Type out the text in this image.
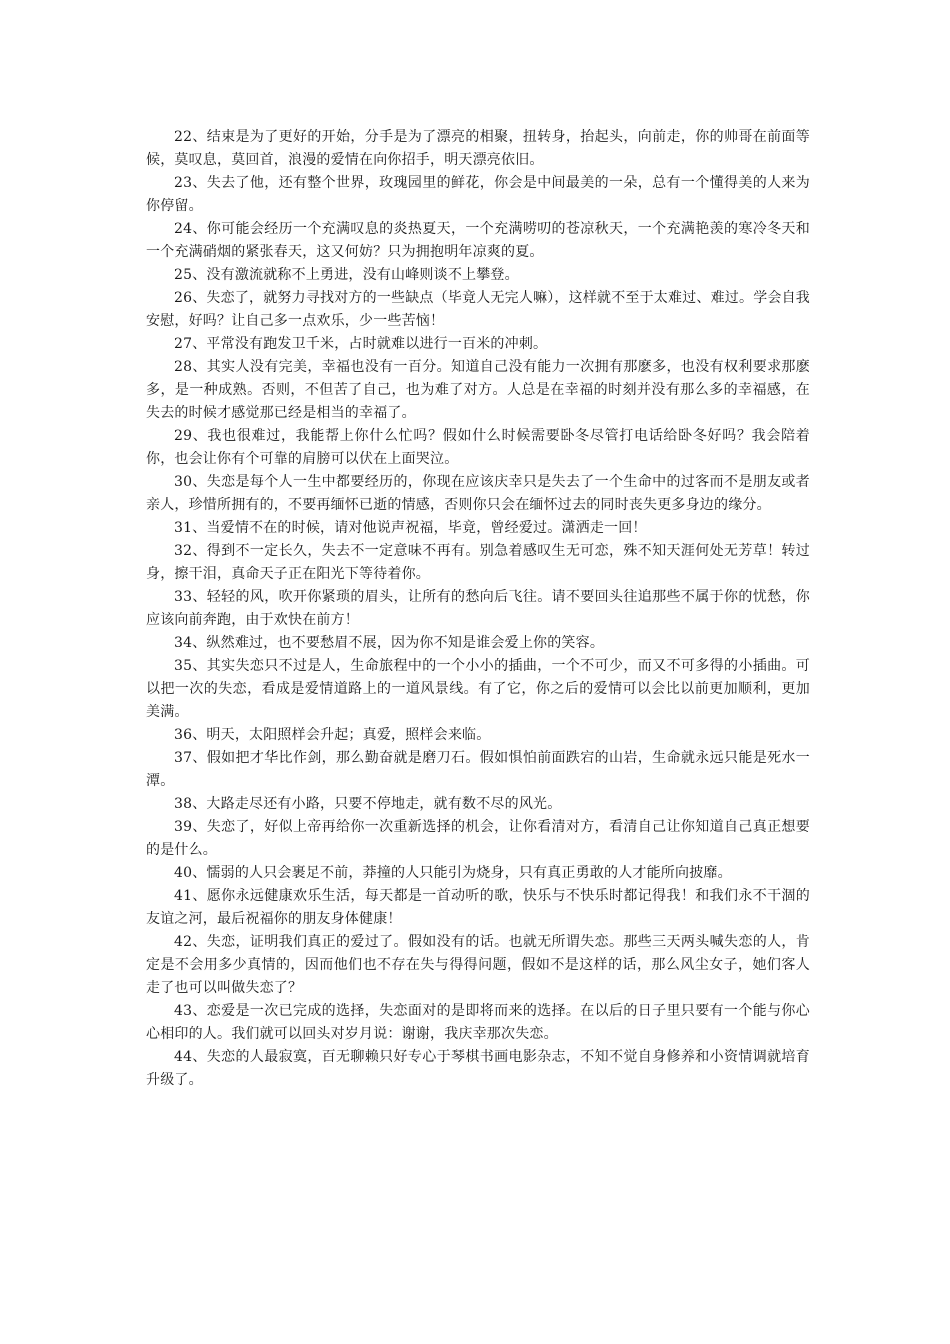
22、结束是为了更好的开始，分手是为了漂亮的相聚，扭转身，抬起头，向前走，你的帅哥在前面等候，莫叹息，莫回首，浪漫的爱情在向你招手，明天漂亮依旧。

23、失去了他，还有整个世界，玫瑰园里的鲜花，你会是中间最美的一朵，总有一个懂得美的人来为你停留。

24、你可能会经历一个充满叹息的炎热夏天，一个充满唠叨的苍凉秋天，一个充满艳羡的寒冷冬天和一个充满硝烟的紧张春天，这又何妨？只为拥抱明年凉爽的夏。

25、没有激流就称不上勇进，没有山峰则谈不上攀登。

26、失恋了，就努力寻找对方的一些缺点（毕竟人无完人嘛），这样就不至于太难过、难过。学会自我安慰，好吗？让自己多一点欢乐，少一些苦恼！

27、平常没有跑发卫千米，占时就难以进行一百米的冲刺。

28、其实人没有完美，幸福也没有一百分。知道自己没有能力一次拥有那麽多，也没有权利要求那麽多，是一种成熟。否则，不但苦了自己，也为难了对方。人总是在幸福的时刻并没有那么多的幸福感，在失去的时候才感觉那已经是相当的幸福了。

29、我也很难过，我能帮上你什么忙吗？假如什么时候需要卧冬尽管打电话给卧冬好吗？我会陪着你，也会让你有个可靠的肩膀可以伏在上面哭泣。

30、失恋是每个人一生中都要经历的，你现在应该庆幸只是失去了一个生命中的过客而不是朋友或者亲人，珍惜所拥有的，不要再缅怀已逝的情感，否则你只会在缅怀过去的同时丧失更多身边的缘分。

31、当爱情不在的时候，请对他说声祝福，毕竟，曾经爱过。潇洒走一回！

32、得到不一定长久，失去不一定意味不再有。别急着感叹生无可恋，殊不知天涯何处无芳草！转过身，擦干泪，真命天子正在阳光下等待着你。

33、轻轻的风，吹开你紧琐的眉头，让所有的愁向后飞往。请不要回头往追那些不属于你的忧愁，你应该向前奔跑，由于欢快在前方！

34、纵然难过，也不要愁眉不展，因为你不知是谁会爱上你的笑容。

35、其实失恋只不过是人，生命旅程中的一个小小的插曲，一个不可少，而又不可多得的小插曲。可以把一次的失恋，看成是爱情道路上的一道风景线。有了它，你之后的爱情可以会比以前更加顺利，更加美满。

36、明天，太阳照样会升起；真爱，照样会来临。

37、假如把才华比作剑，那么勤奋就是磨刀石。假如惧怕前面跌宕的山岩，生命就永远只能是死水一潭。

38、大路走尽还有小路，只要不停地走，就有数不尽的风光。

39、失恋了，好似上帝再给你一次重新选择的机会，让你看清对方，看清自己让你知道自己真正想要的是什么。

40、懦弱的人只会裹足不前，莽撞的人只能引为烧身，只有真正勇敢的人才能所向披靡。

41、愿你永远健康欢乐生活，每天都是一首动听的歌，快乐与不快乐时都记得我！和我们永不干涸的友谊之河，最后祝福你的朋友身体健康！

42、失恋，证明我们真正的爱过了。假如没有的话。也就无所谓失恋。那些三天两头喊失恋的人，肯定是不会用多少真情的，因而他们也不存在失与得得问题，假如不是这样的话，那么风尘女子，她们客人走了也可以叫做失恋了？

43、恋爱是一次已完成的选择，失恋面对的是即将而来的选择。在以后的日子里只要有一个能与你心心相印的人。我们就可以回头对岁月说：谢谢，我庆幸那次失恋。

44、失恋的人最寂寞，百无聊赖只好专心于琴棋书画电影杂志，不知不觉自身修养和小资情调就培育升级了。
